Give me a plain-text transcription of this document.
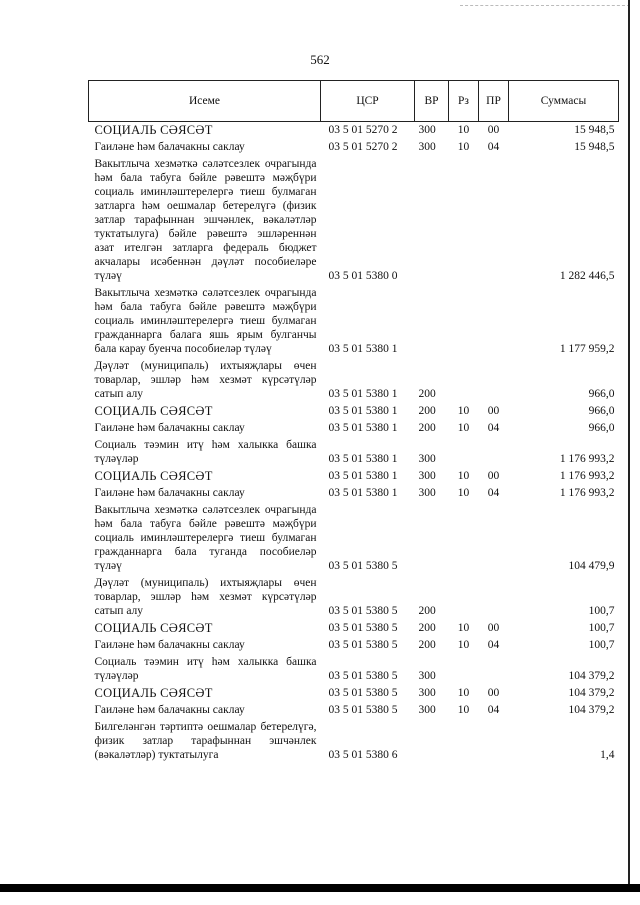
562
Исеме	ЦСР	ВР	Рз	ПР	Суммасы
СОЦИАЛЬ СӘЯСӘТ	03 5 01 5270 2	300	10	00	15 948,5
Гаиләне һәм балачакны саклау	03 5 01 5270 2	300	10	04	15 948,5
Вакытлыча хезмәткә сәләтсезлек очрагында һәм бала табуга бәйле рәвештә мәҗбүри социаль иминләштерелергә тиеш булмаган затларга һәм оешмалар бетерелүгә (физик затлар тарафыннан эшчәнлек, вәкаләтләр туктатылуга) бәйле рәвештә эшләреннән азат ителгән затларга федераль бюджет акчалары исәбеннән дәүләт пособиеләре түләү	03 5 01 5380 0				1 282 446,5
Вакытлыча хезмәткә сәләтсезлек очрагында һәм бала табуга бәйле рәвештә мәҗбүри социаль иминләштерелергә тиеш булмаган гражданнарга балага яшь ярым булганчы бала карау буенча пособиеләр түләү	03 5 01 5380 1				1 177 959,2
Дәүләт (муниципаль) ихтыяҗлары өчен товарлар, эшләр һәм хезмәт күрсәтүләр сатып алу	03 5 01 5380 1	200			966,0
СОЦИАЛЬ СӘЯСӘТ	03 5 01 5380 1	200	10	00	966,0
Гаиләне һәм балачакны саклау	03 5 01 5380 1	200	10	04	966,0
Социаль тәэмин итү һәм халыкка башка түләүләр	03 5 01 5380 1	300			1 176 993,2
СОЦИАЛЬ СӘЯСӘТ	03 5 01 5380 1	300	10	00	1 176 993,2
Гаиләне һәм балачакны саклау	03 5 01 5380 1	300	10	04	1 176 993,2
Вакытлыча хезмәткә сәләтсезлек очрагында һәм бала табуга бәйле рәвештә мәҗбүри социаль иминләштерелергә тиеш булмаган гражданнарга бала туганда пособиеләр түләү	03 5 01 5380 5				104 479,9
Дәүләт (муниципаль) ихтыяҗлары өчен товарлар, эшләр һәм хезмәт күрсәтүләр сатып алу	03 5 01 5380 5	200			100,7
СОЦИАЛЬ СӘЯСӘТ	03 5 01 5380 5	200	10	00	100,7
Гаиләне һәм балачакны саклау	03 5 01 5380 5	200	10	04	100,7
Социаль тәэмин итү һәм халыкка башка түләүләр	03 5 01 5380 5	300			104 379,2
СОЦИАЛЬ СӘЯСӘТ	03 5 01 5380 5	300	10	00	104 379,2
Гаиләне һәм балачакны саклау	03 5 01 5380 5	300	10	04	104 379,2
Билгеләнгән тәртиптә оешмалар бетерелүгә, физик затлар тарафыннан эшчәнлек (вәкаләтләр) туктатылуга	03 5 01 5380 6				1,4
